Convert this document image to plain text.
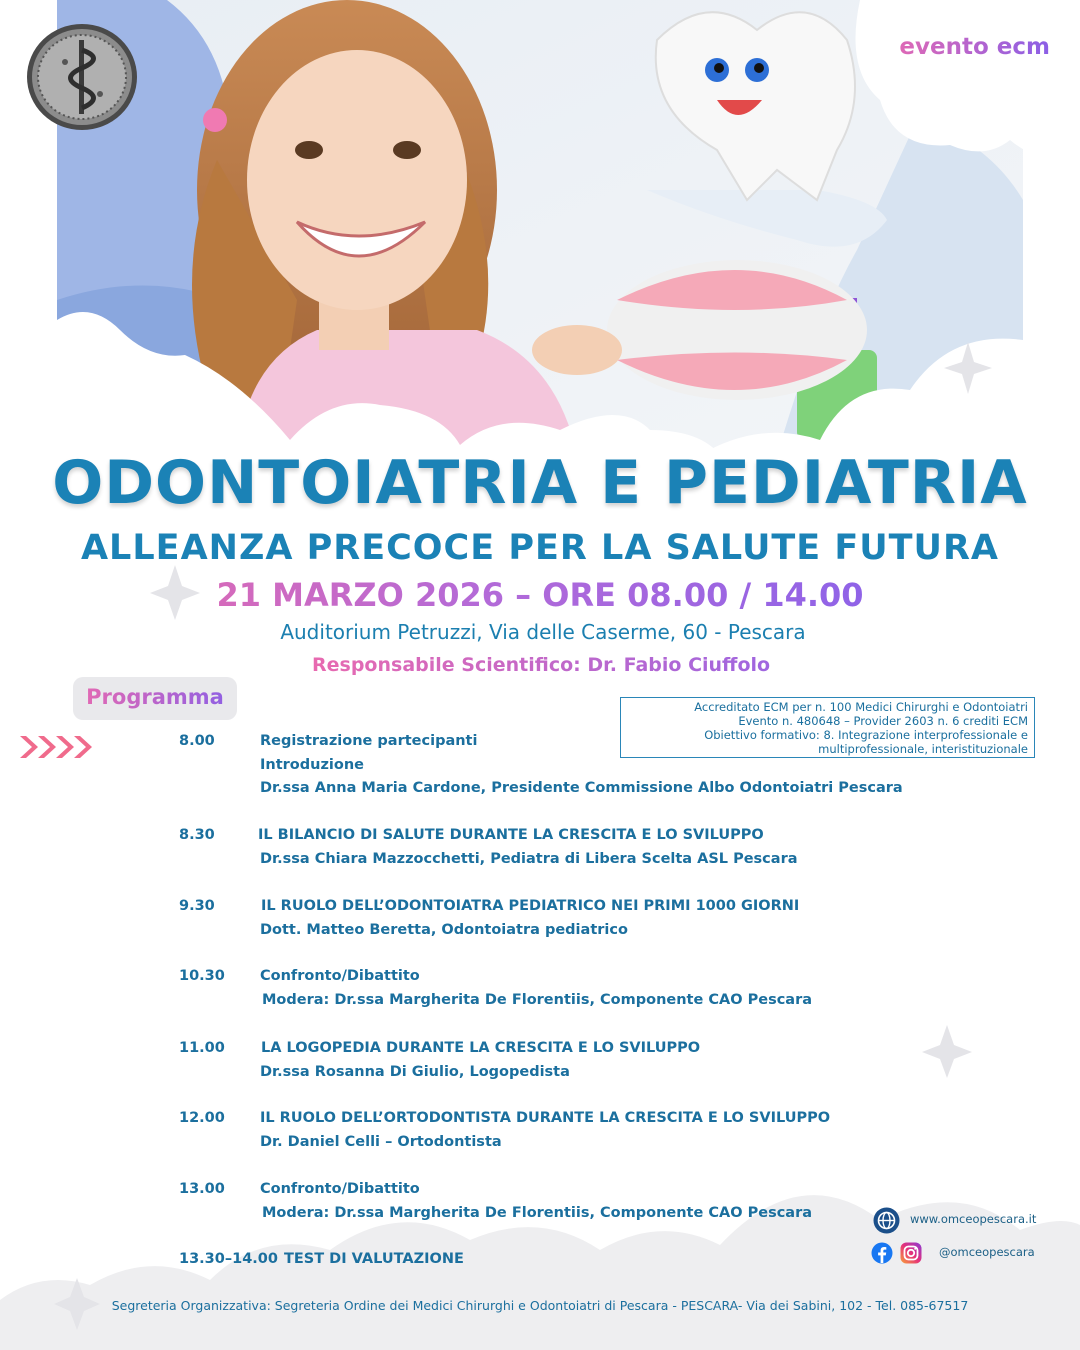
evento ecm
ODONTOIATRIA E PEDIATRIA
ALLEANZA PRECOCE PER LA SALUTE FUTURA
21 MARZO 2026 – ORE 08.00 / 14.00
Auditorium Petruzzi, Via delle Caserme, 60 - Pescara
Responsabile Scientifico: Dr. Fabio Ciuffolo
Programma	Accreditato ECM per n. 100 Medici Chirurghi e Odontoiatri
Evento n. 480648 – Provider 2603 n. 6 crediti ECM
Obiettivo formativo: 8. Integrazione interprofessionale e
multiprofessionale, interistituzionale
8.00	Registrazione partecipanti
Introduzione
Dr.ssa Anna Maria Cardone, Presidente Commissione Albo Odontoiatri Pescara
8.30	IL BILANCIO DI SALUTE DURANTE LA CRESCITA E LO SVILUPPO
Dr.ssa Chiara Mazzocchetti, Pediatra di Libera Scelta ASL Pescara
9.30	IL RUOLO DELL’ODONTOIATRA PEDIATRICO NEI PRIMI 1000 GIORNI
Dott. Matteo Beretta, Odontoiatra pediatrico
10.30 Confronto/Dibattito
Modera: Dr.ssa Margherita De Florentiis, Componente CAO Pescara
11.00 LA LOGOPEDIA DURANTE LA CRESCITA E LO SVILUPPO
Dr.ssa Rosanna Di Giulio, Logopedista
12.00 IL RUOLO DELL’ORTODONTISTA DURANTE LA CRESCITA E LO SVILUPPO
Dr. Daniel Celli – Ortodontista
13.00 Confronto/Dibattito
Modera: Dr.ssa Margherita De Florentiis, Componente CAO Pescara
13.30–14.00 TEST DI VALUTAZIONE
www.omceopescara.it
@omceopescara
Segreteria Organizzativa: Segreteria Ordine dei Medici Chirurghi e Odontoiatri di Pescara - PESCARA- Via dei Sabini, 102 - Tel. 085-67517
